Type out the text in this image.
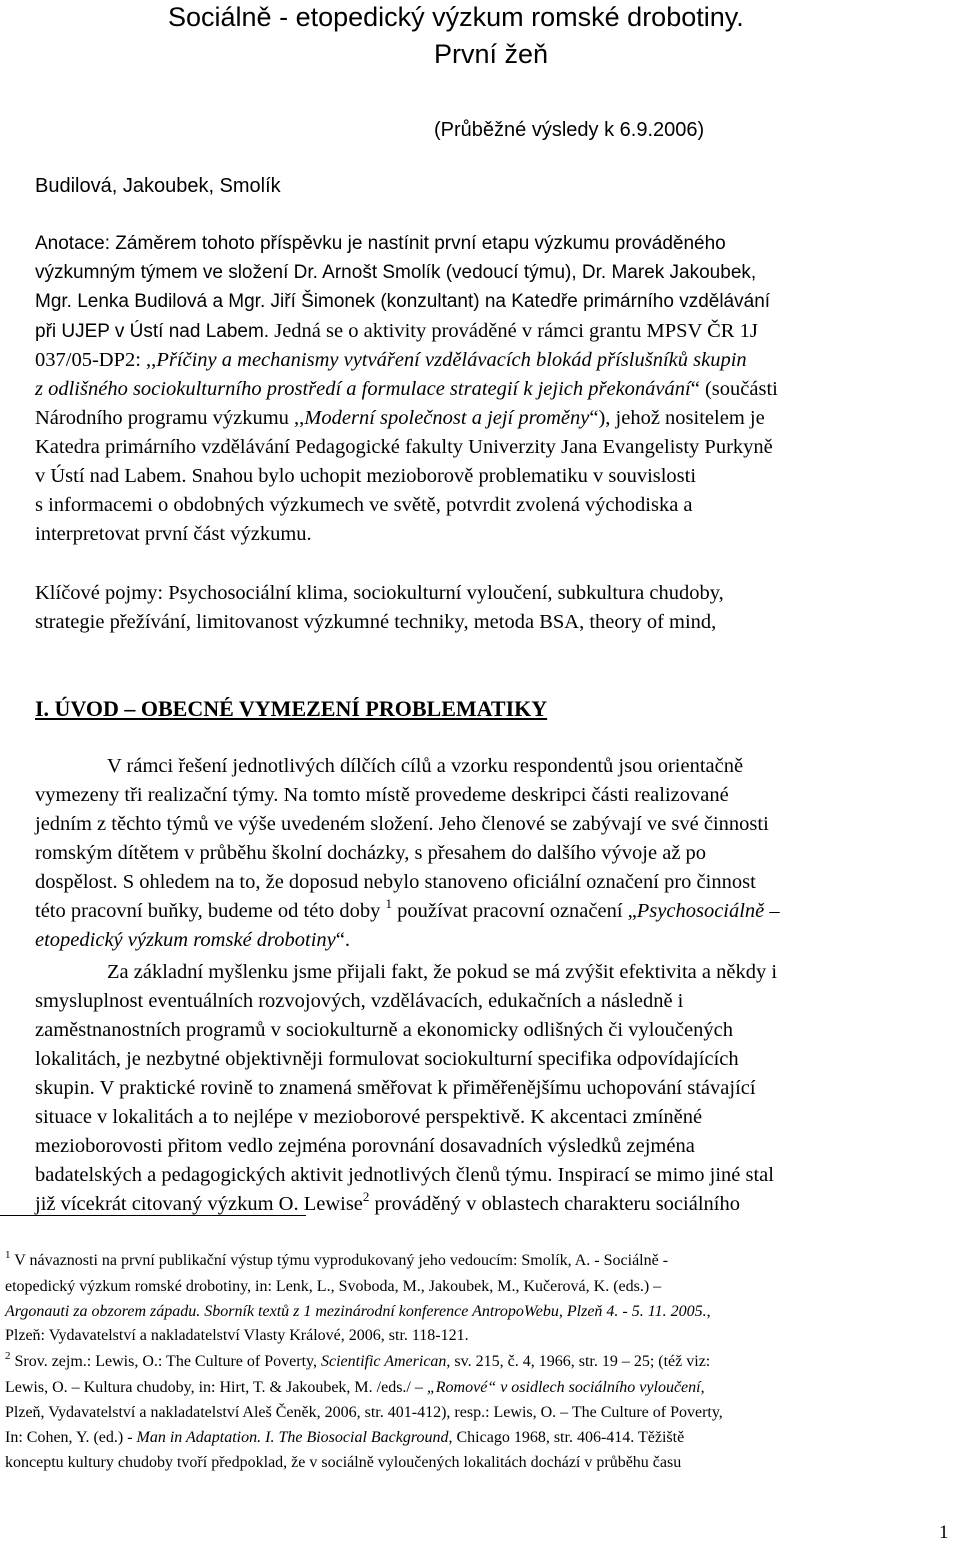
Sociálně - etopedický výzkum romské drobotiny.
První žeň
(Průběžné výsledy k 6.9.2006)
Budilová, Jakoubek, Smolík
Anotace: Záměrem tohoto příspěvku je nastínit první etapu výzkumu prováděného
výzkumným týmem ve složení Dr. Arnošt Smolík (vedoucí týmu), Dr. Marek Jakoubek,
Mgr. Lenka Budilová a Mgr. Jiří Šimonek (konzultant) na Katedře primárního vzdělávání
při UJEP v Ústí nad Labem. Jedná se o aktivity prováděné v rámci grantu MPSV ČR 1J
037/05-DP2: ,,Příčiny a mechanismy vytváření vzdělávacích blokád příslušníků skupin
z odlišného sociokulturního prostředí a formulace strategií k jejich překonávání“ (součásti
Národního programu výzkumu ,,Moderní společnost a její proměny“), jehož nositelem je
Katedra primárního vzdělávání Pedagogické fakulty Univerzity Jana Evangelisty Purkyně
v Ústí nad Labem. Snahou bylo uchopit mezioborově problematiku v souvislosti
s informacemi o obdobných výzkumech ve světě, potvrdit zvolená východiska a
interpretovat první část výzkumu.
Klíčové pojmy: Psychosociální klima, sociokulturní vyloučení, subkultura chudoby,
strategie přežívání, limitovanost výzkumné techniky, metoda BSA, theory of mind,
I. ÚVOD – OBECNÉ VYMEZENÍ PROBLEMATIKY
V rámci řešení jednotlivých dílčích cílů a vzorku respondentů jsou orientačně
vymezeny tři realizační týmy. Na tomto místě provedeme deskripci části realizované
jedním z těchto týmů ve výše uvedeném složení. Jeho členové se zabývají ve své činnosti
romským dítětem v průběhu školní docházky, s přesahem do dalšího vývoje až po
dospělost. S ohledem na to, že doposud nebylo stanoveno oficiální označení pro činnost
této pracovní buňky, budeme od této doby $^1$ používat pracovní označení „Psychosociálně –
etopedický výzkum romské drobotiny“.
Za základní myšlenku jsme přijali fakt, že pokud se má zvýšit efektivita a někdy i
smysluplnost eventuálních rozvojových, vzdělávacích, edukačních a následně i
zaměstnanostních programů v sociokulturně a ekonomicky odlišných či vyloučených
lokalitách, je nezbytné objektivněji formulovat sociokulturní specifika odpovídajících
skupin. V praktické rovině to znamená směřovat k přiměřenějšímu uchopování stávající
situace v lokalitách a to nejlépe v mezioborové perspektivě. K akcentaci zmíněné
mezioborovosti přitom vedlo zejména porovnání dosavadních výsledků zejména
badatelských a pedagogických aktivit jednotlivých členů týmu. Inspirací se mimo jiné stal
již vícekrát citovaný výzkum O. Lewise$^2$ prováděný v oblastech charakteru sociálního
$^1$ V návaznosti na první publikační výstup týmu vyprodukovaný jeho vedoucím: Smolík, A. - Sociálně -
etopedický výzkum romské drobotiny, in: Lenk, L., Svoboda, M., Jakoubek, M., Kučerová, K. (eds.) –
Argonauti za obzorem západu. Sborník textů z 1 mezinárodní konference AntropoWebu, Plzeň 4. - 5. 11. 2005.,
Plzeň: Vydavatelství a nakladatelství Vlasty Králové, 2006, str. 118-121.
$^2$ Srov. zejm.: Lewis, O.: The Culture of Poverty, Scientific American, sv. 215, č. 4, 1966, str. 19 – 25; (též viz:
Lewis, O. – Kultura chudoby, in: Hirt, T. & Jakoubek, M. /eds./ – „Romové“ v osidlech sociálního vyloučení,
Plzeň, Vydavatelství a nakladatelství Aleš Čeněk, 2006, str. 401-412), resp.: Lewis, O. – The Culture of Poverty,
In: Cohen, Y. (ed.) - Man in Adaptation. I. The Biosocial Background, Chicago 1968, str. 406-414. Těžiště
konceptu kultury chudoby tvoří předpoklad, že v sociálně vyloučených lokalitách dochází v průběhu času
1
